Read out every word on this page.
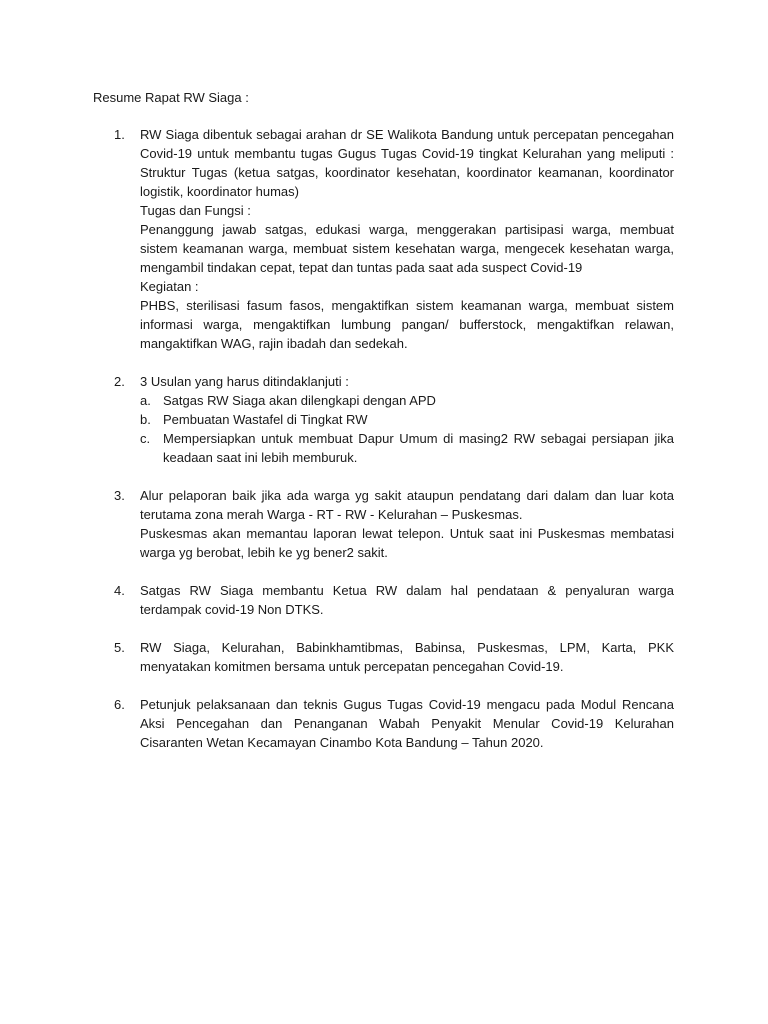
Resume Rapat RW Siaga :
1. RW Siaga dibentuk sebagai arahan dr SE Walikota Bandung untuk percepatan pencegahan Covid-19 untuk membantu tugas Gugus Tugas Covid-19 tingkat Kelurahan yang meliputi : Struktur Tugas (ketua satgas, koordinator kesehatan, koordinator keamanan, koordinator logistik, koordinator humas)

Tugas dan Fungsi :

Penanggung jawab satgas, edukasi warga, menggerakan partisipasi warga, membuat sistem keamanan warga, membuat sistem kesehatan warga, mengecek kesehatan warga, mengambil tindakan cepat, tepat dan tuntas pada saat ada suspect Covid-19

Kegiatan :

PHBS, sterilisasi fasum fasos, mengaktifkan sistem keamanan warga, membuat sistem informasi warga, mengaktifkan lumbung pangan/ bufferstock, mengaktifkan relawan, mangaktifkan WAG, rajin ibadah dan sedekah.

2. 3 Usulan yang harus ditindaklanjuti :

a. Satgas RW Siaga akan dilengkapi dengan APD

b. Pembuatan Wastafel di Tingkat RW

c. Mempersiapkan untuk membuat Dapur Umum di masing2 RW sebagai persiapan jika keadaan saat ini lebih memburuk.

3. Alur pelaporan baik jika ada warga yg sakit ataupun pendatang dari dalam dan luar kota terutama zona merah Warga - RT - RW - Kelurahan – Puskesmas.

Puskesmas akan memantau laporan lewat telepon. Untuk saat ini Puskesmas membatasi warga yg berobat, lebih ke yg bener2 sakit.

4. Satgas RW Siaga membantu Ketua RW dalam hal pendataan & penyaluran warga terdampak covid-19 Non DTKS.

5. RW Siaga, Kelurahan, Babinkhamtibmas, Babinsa, Puskesmas, LPM, Karta, PKK menyatakan komitmen bersama untuk percepatan pencegahan Covid-19.

6. Petunjuk pelaksanaan dan teknis Gugus Tugas Covid-19 mengacu pada Modul Rencana Aksi Pencegahan dan Penanganan Wabah Penyakit Menular Covid-19 Kelurahan Cisaranten Wetan Kecamayan Cinambo Kota Bandung – Tahun 2020.
